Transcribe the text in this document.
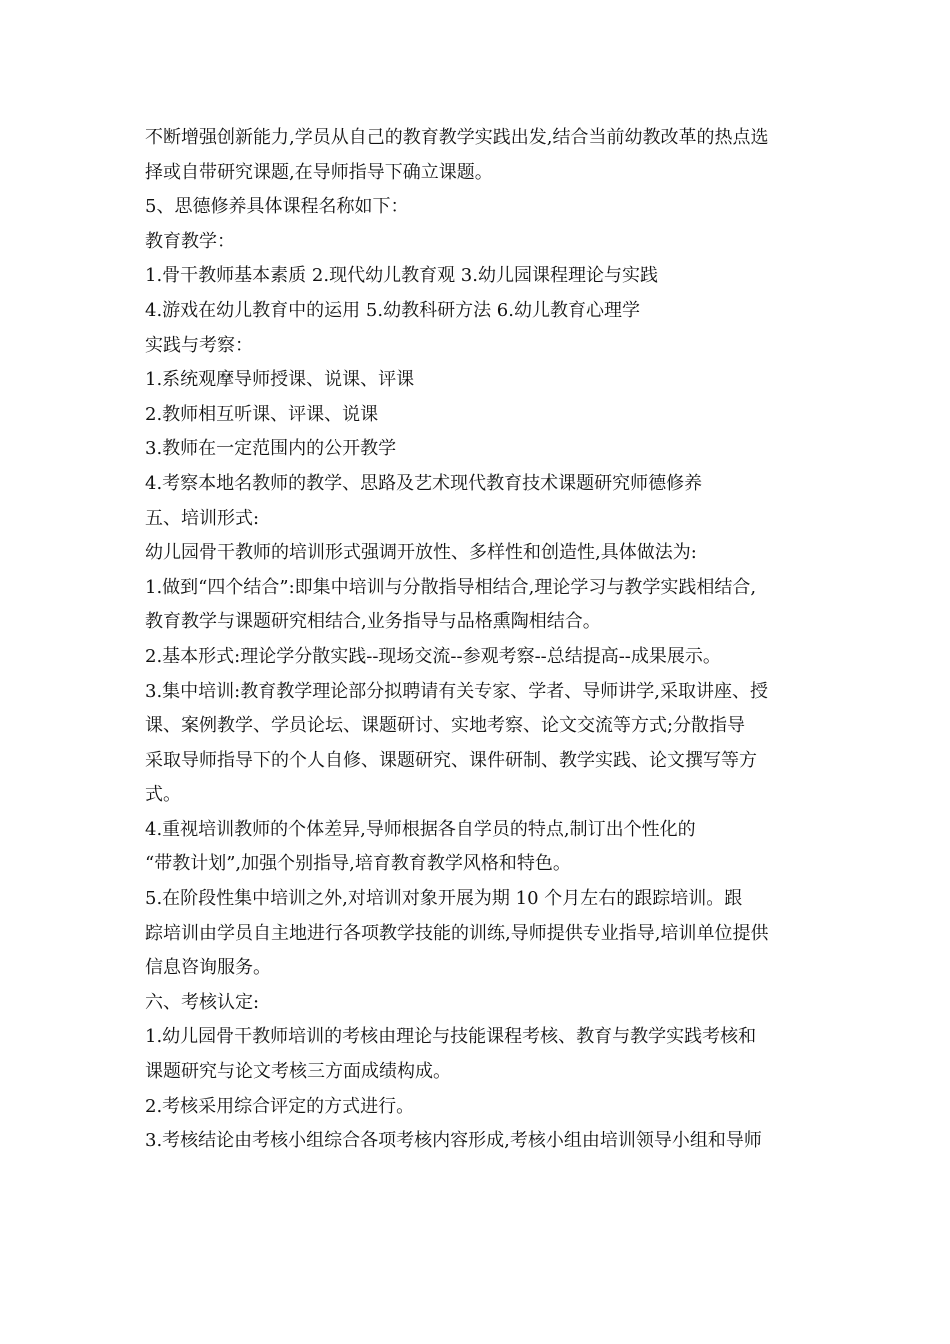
不断增强创新能力,学员从自己的教育教学实践出发,结合当前幼教改革的热点选
择或自带研究课题,在导师指导下确立课题。
5、思德修养具体课程名称如下：
教育教学：
1.骨干教师基本素质 2.现代幼儿教育观 3.幼儿园课程理论与实践
4.游戏在幼儿教育中的运用 5.幼教科研方法 6.幼儿教育心理学
实践与考察：
1.系统观摩导师授课、说课、评课
2.教师相互听课、评课、说课
3.教师在一定范围内的公开教学
4.考察本地名教师的教学、思路及艺术现代教育技术课题研究师德修养
五、培训形式:
幼儿园骨干教师的培训形式强调开放性、多样性和创造性,具体做法为:
1.做到“四个结合”:即集中培训与分散指导相结合,理论学习与教学实践相结合,
教育教学与课题研究相结合,业务指导与品格熏陶相结合。
2.基本形式:理论学分散实践--现场交流--参观考察--总结提高--成果展示。
3.集中培训:教育教学理论部分拟聘请有关专家、学者、导师讲学,采取讲座、授
课、案例教学、学员论坛、课题研讨、实地考察、论文交流等方式;分散指导
采取导师指导下的个人自修、课题研究、课件研制、教学实践、论文撰写等方
式。
4.重视培训教师的个体差异,导师根据各自学员的特点,制订出个性化的
“带教计划”,加强个别指导,培育教育教学风格和特色。
5.在阶段性集中培训之外,对培训对象开展为期 10 个月左右的跟踪培训。跟
踪培训由学员自主地进行各项教学技能的训练,导师提供专业指导,培训单位提供
信息咨询服务。
六、考核认定:
1.幼儿园骨干教师培训的考核由理论与技能课程考核、教育与教学实践考核和
课题研究与论文考核三方面成绩构成。
2.考核采用综合评定的方式进行。
3.考核结论由考核小组综合各项考核内容形成,考核小组由培训领导小组和导师
